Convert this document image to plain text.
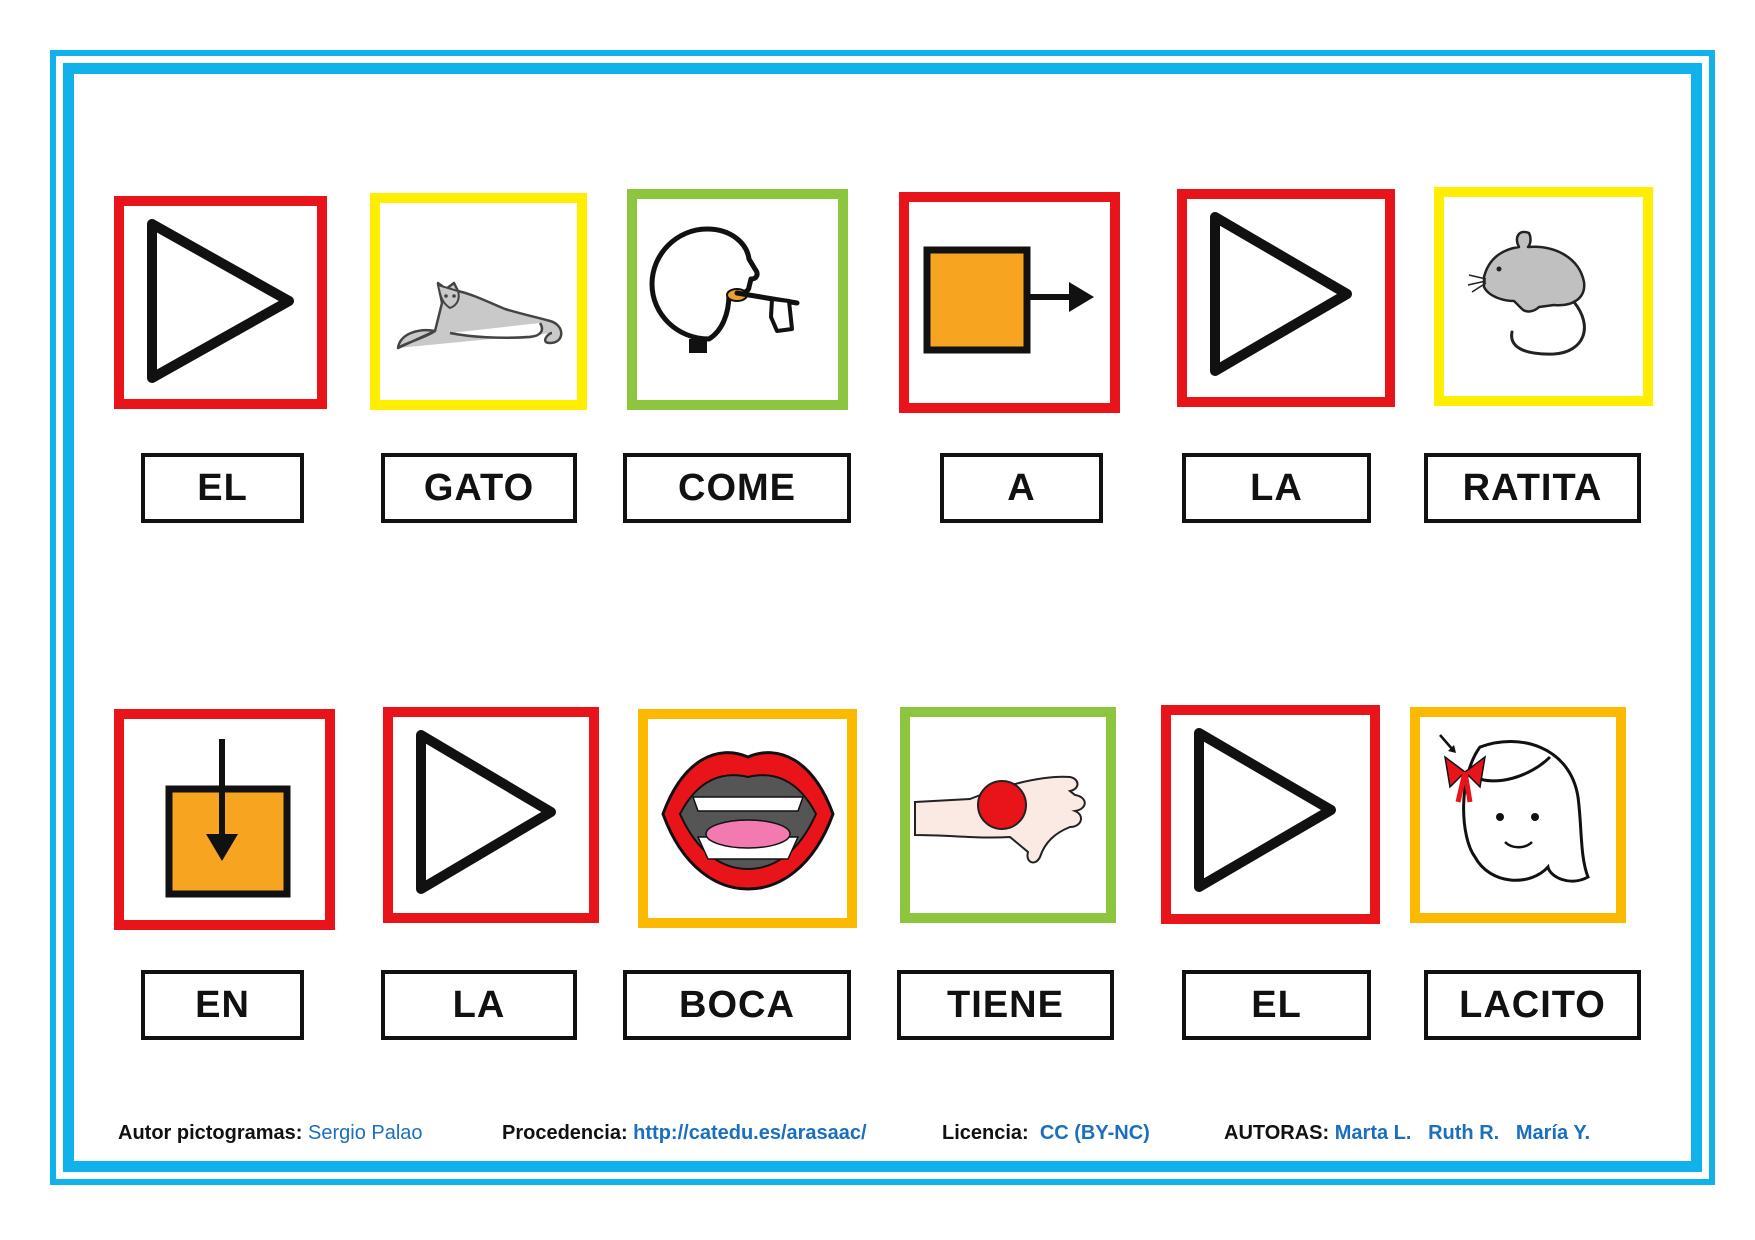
EL	GATO	COME	A	LA	RATITA
EN	LA	BOCA	TIENE	EL	LACITO
Autor pictogramas: Sergio Palao	Procedencia: http://catedu.es/arasaac/	Licencia: CC (BY-NC)	AUTORAS: Marta L. Ruth R. María Y.
